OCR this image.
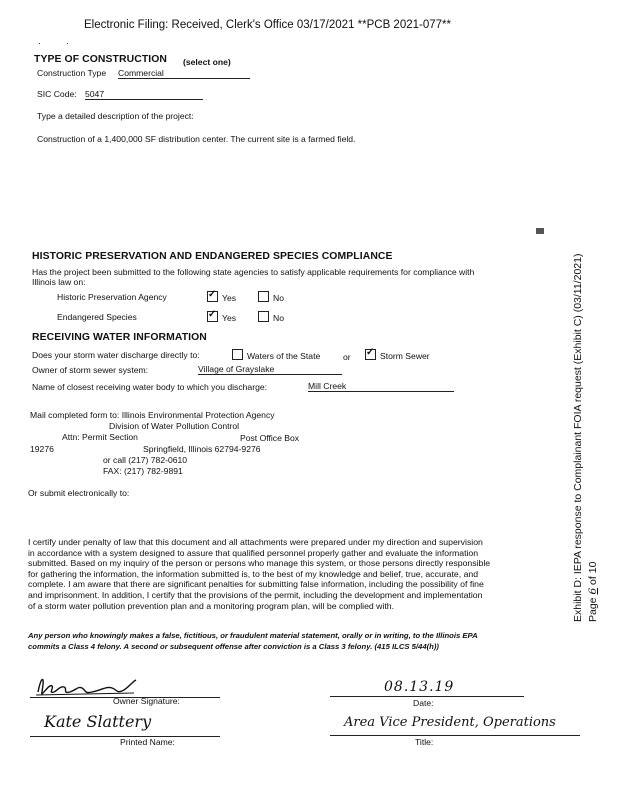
Electronic Filing: Received, Clerk's Office 03/17/2021 **PCB 2021-077**
·          ·
TYPE OF CONSTRUCTION (select one)
Construction Type Commercial
SIC Code: 5047
Type a detailed description of the project:
Construction of a 1,400,000 SF distribution center. The current site is a farmed field.
HISTORIC PRESERVATION AND ENDANGERED SPECIES COMPLIANCE
Has the project been submitted to the following state agencies to satisfy applicable requirements for compliance with
Illinois law on:
Historic Preservation Agency ✓	Yes	No
Endangered Species ✓	Yes	No
RECEIVING WATER INFORMATION
Does your storm water discharge directly to:	Waters of the State	or ✓	Storm Sewer
Owner of storm sewer system:	Village of Grayslake
Name of closest receiving water body to which you discharge:	Mill Creek
Mail completed form to: Illinois Environmental Protection Agency
Division of Water Pollution Control
Attn: Permit Section	Post Office Box
19276	Springfield, Illinois 62794-9276
or call (217) 782-0610
FAX: (217) 782-9891
Or submit electronically to:
I certify under penalty of law that this document and all attachments were prepared under my direction and supervision
in accordance with a system designed to assure that qualified personnel properly gather and evaluate the information
submitted. Based on my inquiry of the person or persons who manage this system, or those persons directly responsible
for gathering the information, the information submitted is, to the best of my knowledge and belief, true, accurate, and
complete. I am aware that there are significant penalties for submitting false information, including the possibility of fine
and imprisonment. In addition, I certify that the provisions of the permit, including the development and implementation
of a storm water pollution prevention plan and a monitoring program plan, will be complied with.
Any person who knowingly makes a false, fictitious, or fraudulent material statement, orally or in writing, to the Illinois EPA
commits a Class 4 felony. A second or subsequent offense after conviction is a Class 3 felony. (415 ILCS 5/44(h))
Owner Signature:
08.13.19
Date:
Kate Slattery
Printed Name:
Area Vice President, Operations
Title:
Exhibit D: IEPA response to Complainant FOIA request (Exhibit C) (03/11/2021) Page 6 of 10
